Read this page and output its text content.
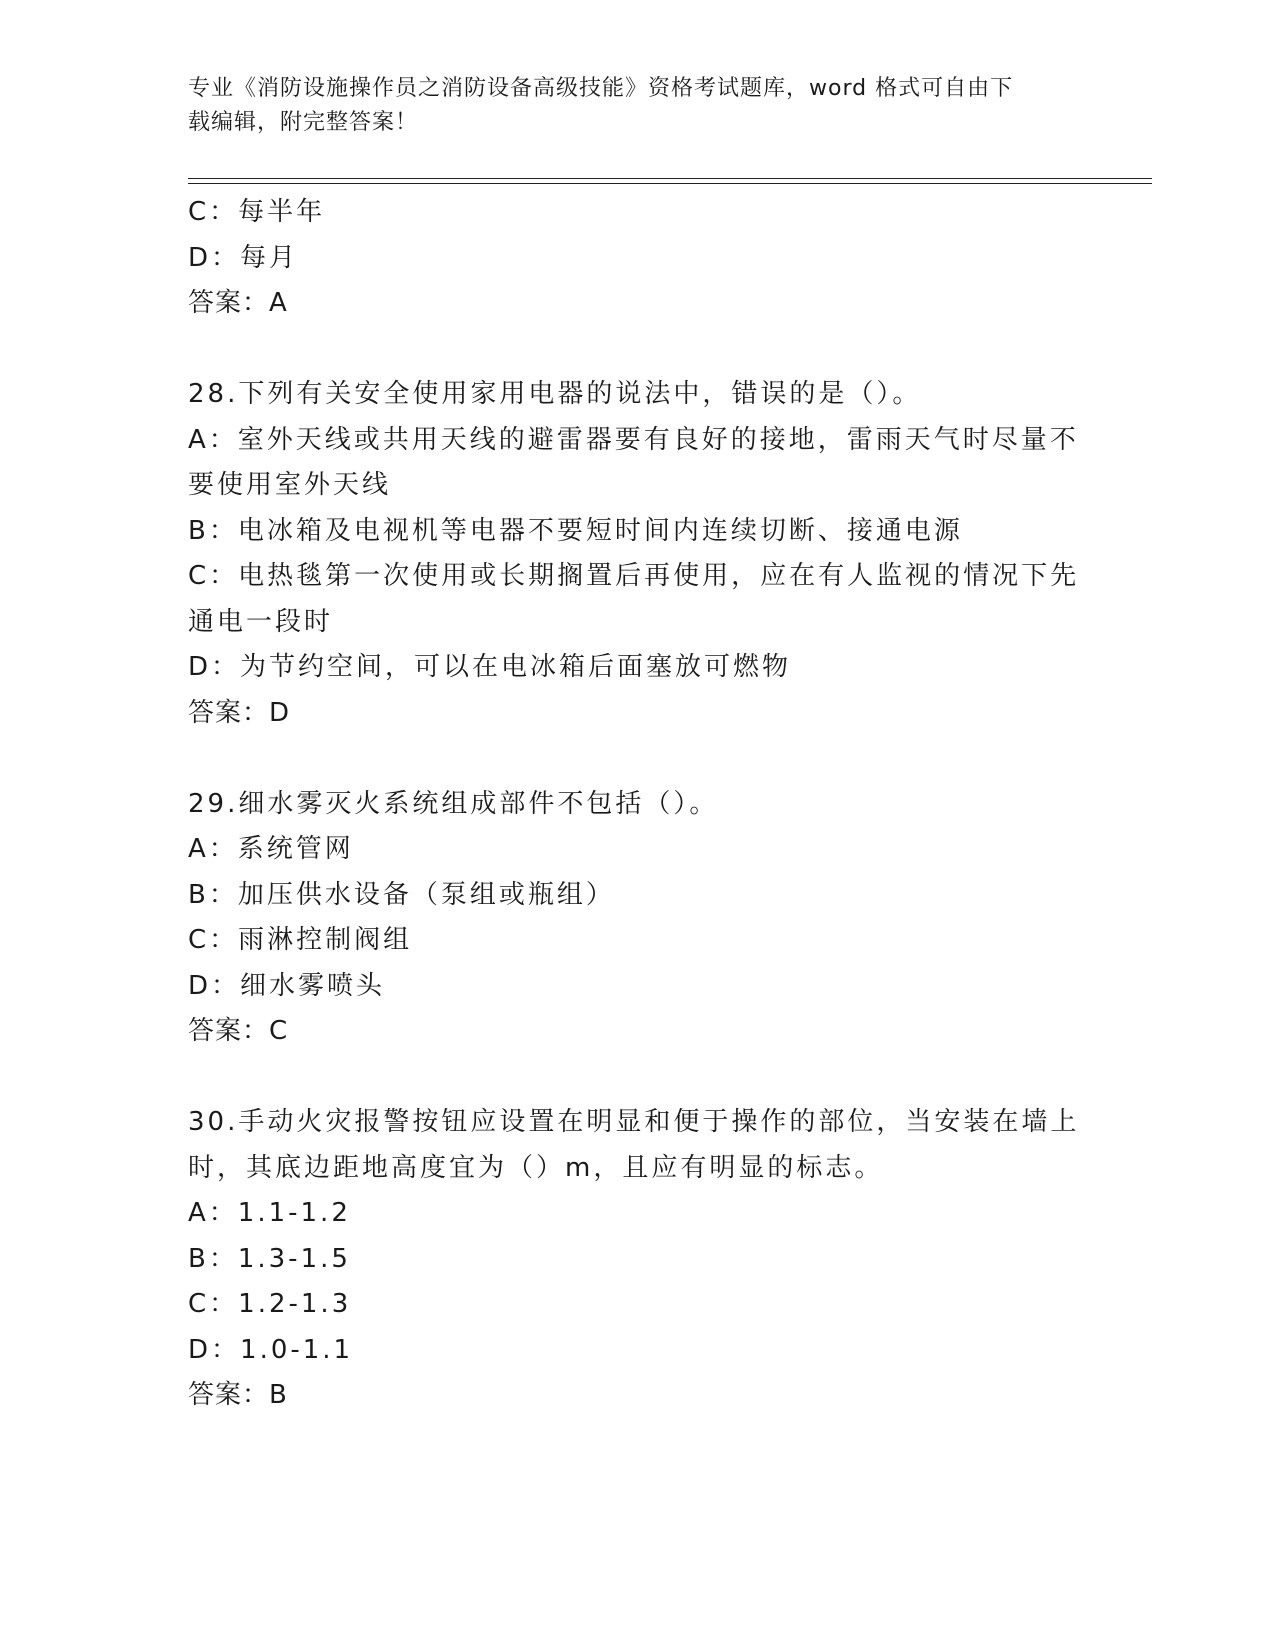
专业《消防设施操作员之消防设备高级技能》资格考试题库，word 格式可自由下
载编辑，附完整答案！
C：每半年
D：每月
答案：A
28.下列有关安全使用家用电器的说法中，错误的是（）。
A：室外天线或共用天线的避雷器要有良好的接地，雷雨天气时尽量不
要使用室外天线
B：电冰箱及电视机等电器不要短时间内连续切断、接通电源
C：电热毯第一次使用或长期搁置后再使用，应在有人监视的情况下先
通电一段时
D：为节约空间，可以在电冰箱后面塞放可燃物
答案：D
29.细水雾灭火系统组成部件不包括（）。
A：系统管网
B：加压供水设备（泵组或瓶组）
C：雨淋控制阀组
D：细水雾喷头
答案：C
30.手动火灾报警按钮应设置在明显和便于操作的部位，当安装在墙上
时，其底边距地高度宜为（）m，且应有明显的标志。
A：1.1-1.2
B：1.3-1.5
C：1.2-1.3
D：1.0-1.1
答案：B
